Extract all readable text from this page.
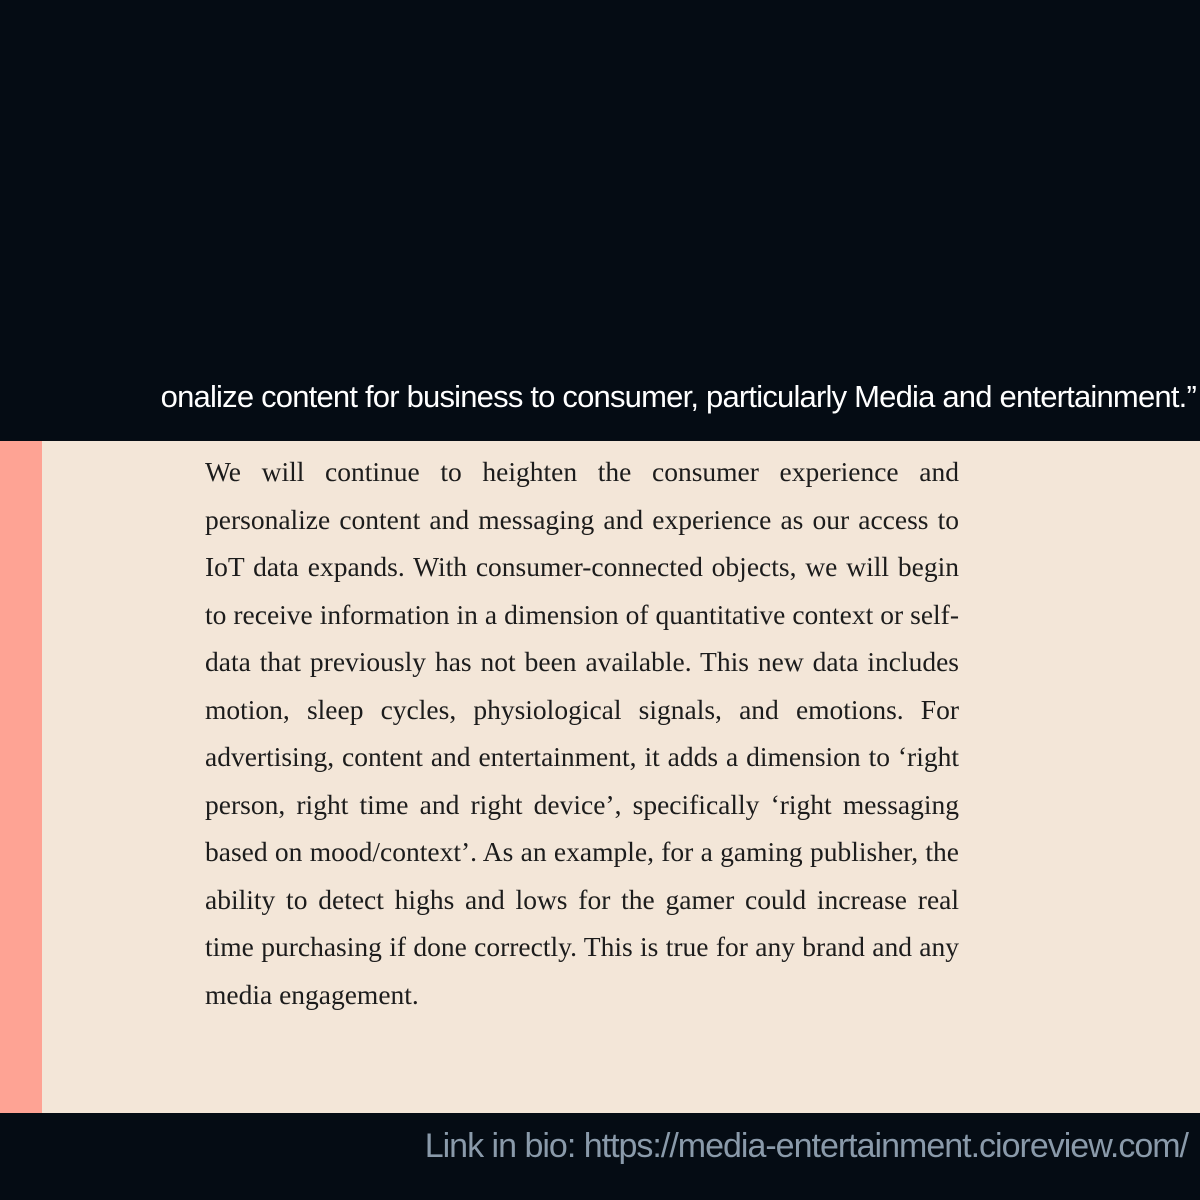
onalize content for business to consumer, particularly Media and entertainment.”

We will continue to heighten the consumer experience and personalize content and messaging and experience as our access to IoT data expands. With consumer-connected objects, we will begin to receive information in a dimension of quantitative context or self-data that previously has not been available. This new data includes motion, sleep cycles, physiological signals, and emotions. For advertising, content and entertainment, it adds a dimension to ‘right person, right time and right device’, specifically ‘right messaging based on mood/context’. As an example, for a gaming publisher, the ability to detect highs and lows for the gamer could increase real time purchasing if done correctly. This is true for any brand and any media engagement.

Link in bio: https://media-entertainment.cioreview.com/
